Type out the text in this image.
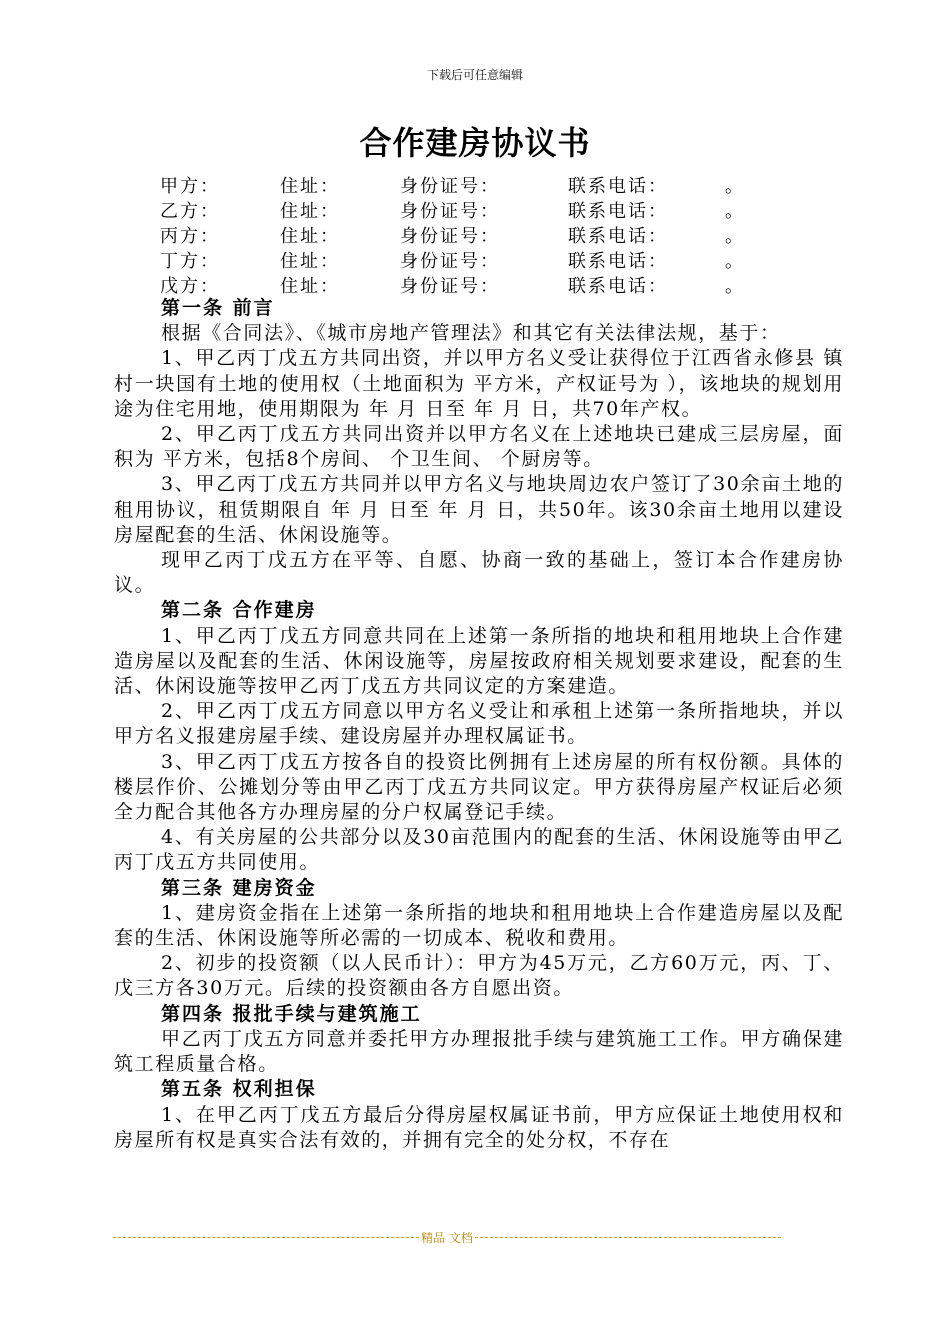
下载后可任意编辑
合作建房协议书
甲方：	住址：	身份证号：	联系电话：	。
乙方：	住址：	身份证号：	联系电话：	。
丙方：	住址：	身份证号：	联系电话：	。
丁方：	住址：	身份证号：	联系电话：	。
戊方：	住址：	身份证号：	联系电话：	。
第一条 前言

根据《合同法》、《城市房地产管理法》和其它有关法律法规，基于：

1、甲乙丙丁戊五方共同出资，并以甲方名义受让获得位于江西省永修县 镇 村一块国有土地的使用权（土地面积为 平方米，产权证号为 ），该地块的规划用途为住宅用地，使用期限为 年 月 日至 年 月 日，共70年产权。

2、甲乙丙丁戊五方共同出资并以甲方名义在上述地块已建成三层房屋，面积为 平方米，包括8个房间、 个卫生间、 个厨房等。

3、甲乙丙丁戊五方共同并以甲方名义与地块周边农户签订了30余亩土地的租用协议，租赁期限自 年 月 日至 年 月 日，共50年。该30余亩土地用以建设房屋配套的生活、休闲设施等。

现甲乙丙丁戊五方在平等、自愿、协商一致的基础上，签订本合作建房协议。

第二条 合作建房

1、甲乙丙丁戊五方同意共同在上述第一条所指的地块和租用地块上合作建造房屋以及配套的生活、休闲设施等，房屋按政府相关规划要求建设，配套的生活、休闲设施等按甲乙丙丁戊五方共同议定的方案建造。

2、甲乙丙丁戊五方同意以甲方名义受让和承租上述第一条所指地块，并以甲方名义报建房屋手续、建设房屋并办理权属证书。

3、甲乙丙丁戊五方按各自的投资比例拥有上述房屋的所有权份额。具体的楼层作价、公摊划分等由甲乙丙丁戊五方共同议定。甲方获得房屋产权证后必须全力配合其他各方办理房屋的分户权属登记手续。

4、有关房屋的公共部分以及30亩范围内的配套的生活、休闲设施等由甲乙丙丁戊五方共同使用。

第三条 建房资金

1、建房资金指在上述第一条所指的地块和租用地块上合作建造房屋以及配套的生活、休闲设施等所必需的一切成本、税收和费用。

2、初步的投资额（以人民币计）：甲方为45万元，乙方60万元，丙、丁、戊三方各30万元。后续的投资额由各方自愿出资。

第四条 报批手续与建筑施工

甲乙丙丁戊五方同意并委托甲方办理报批手续与建筑施工工作。甲方确保建筑工程质量合格。

第五条 权利担保

1、在甲乙丙丁戊五方最后分得房屋权属证书前，甲方应保证土地使用权和房屋所有权是真实合法有效的，并拥有完全的处分权，不存在

精品 文档
